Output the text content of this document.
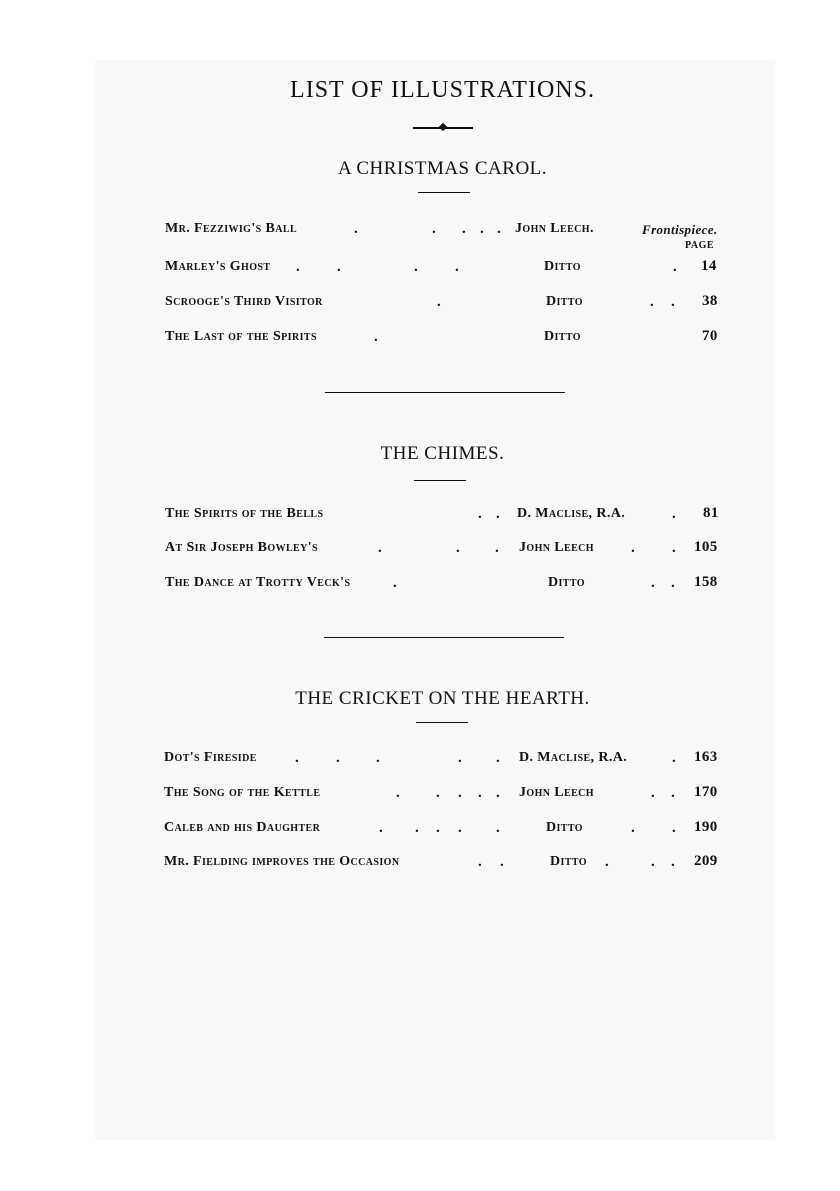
LIST OF ILLUSTRATIONS.
A CHRISTMAS CAROL.
Mr. Fezziwig's Ball	.	. . . . John Leech.	Frontispiece.
PAGE
Marley's Ghost . .	. .	Ditto	. 14
Scrooge's Third Visitor	.	Ditto	. . 38
The Last of the Spirits	.	Ditto	70
THE CHIMES.
The Spirits of the Bells	. . D. Maclise, R.A.	. 81
At Sir Joseph Bowley's	.	. . John Leech . . 105
The Dance at Trotty Veck's	.	Ditto	. . 158
THE CRICKET ON THE HEARTH.
Dot's Fireside	. . .	. . D. Maclise, R.A.	. 163
The Song of the Kettle	. . . . . John Leech	. . 170
Caleb and his Daughter	. . . . .	Ditto	. . 190
Mr. Fielding improves the Occasion	. .	Ditto .	. . 209
